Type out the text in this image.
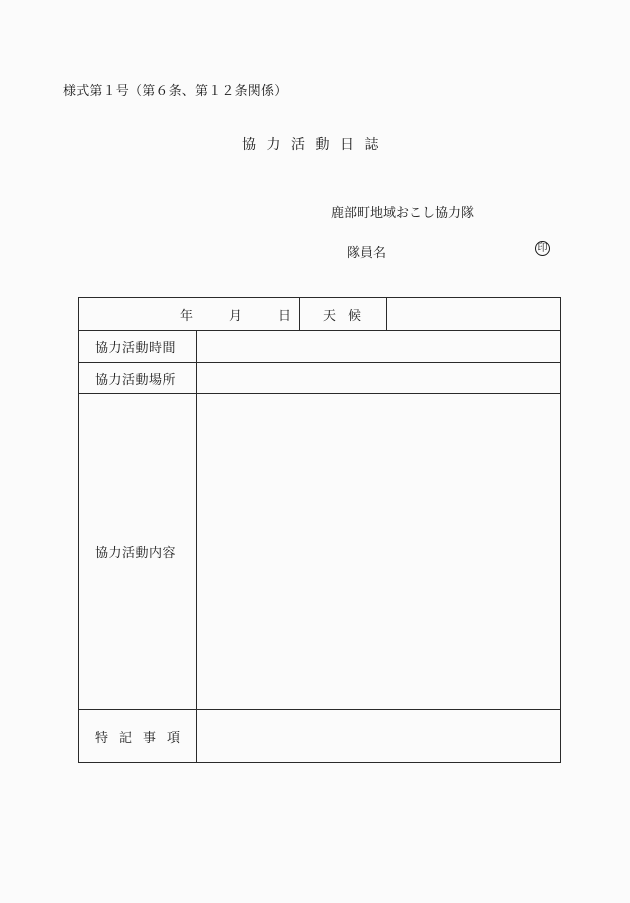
様式第１号（第６条、第１２条関係）
協力活動日誌
鹿部町地域おこし協力隊
隊員名	印
年 月 日		天候	
協力活動時間			
協力活動場所			
協力活動内容			
特記事項			
